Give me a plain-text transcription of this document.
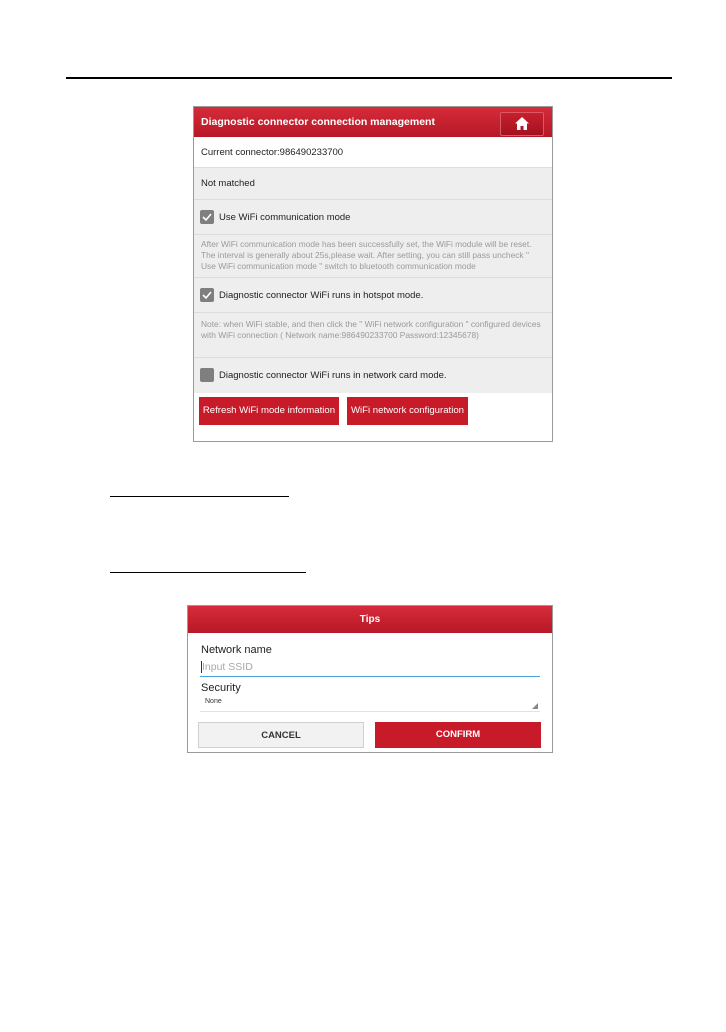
Diagnostic connector connection management
Current connector:986490233700
Not matched
Use WiFi communication mode
After WiFi communication mode has been successfully set, the WiFi module will be reset. The interval is generally about 25s,please wait. After setting, you can still pass uncheck " Use WiFi communication mode " switch to bluetooth communication mode
Diagnostic connector WiFi runs in hotspot mode.
Note: when WiFi stable, and then click the " WiFi network configuration " configured devices with WiFi connection ( Network name:986490233700 Password:12345678)
Diagnostic connector WiFi runs in network card mode.
Refresh WiFi mode information	WiFi network configuration
Tips
Network name
Input SSID
Security
None
CANCEL	CONFIRM
